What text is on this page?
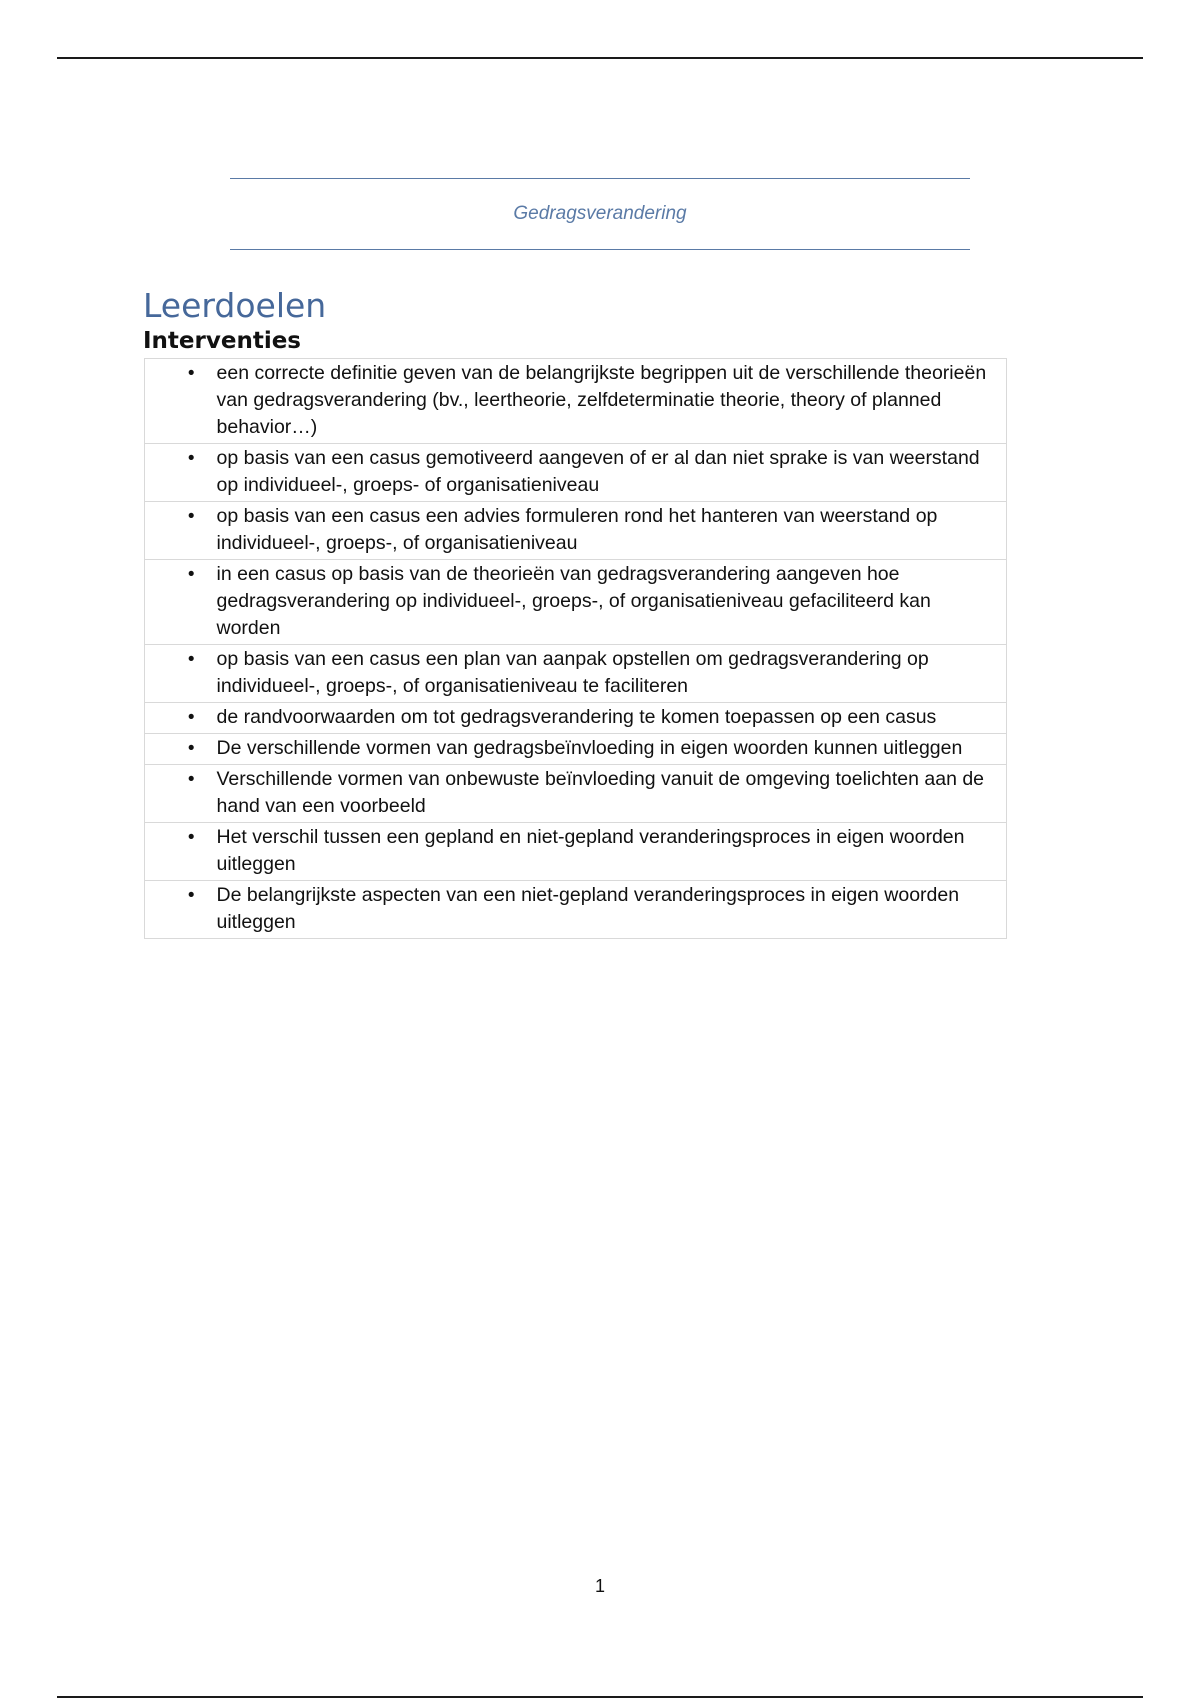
Gedragsverandering
Leerdoelen
Interventies
•	een correcte definitie geven van de belangrijkste begrippen uit de verschillende theorieën van gedragsverandering (bv., leertheorie, zelfdeterminatie theorie, theory of planned behavior…)
•	op basis van een casus gemotiveerd aangeven of er al dan niet sprake is van weerstand op individueel-, groeps- of organisatieniveau
•	op basis van een casus een advies formuleren rond het hanteren van weerstand op individueel-, groeps-, of organisatieniveau
•	in een casus op basis van de theorieën van gedragsverandering aangeven hoe gedragsverandering op individueel-, groeps-, of organisatieniveau gefaciliteerd kan worden
•	op basis van een casus een plan van aanpak opstellen om gedragsverandering op individueel-, groeps-, of organisatieniveau te faciliteren
•	de randvoorwaarden om tot gedragsverandering te komen toepassen op een casus
•	De verschillende vormen van gedragsbeïnvloeding in eigen woorden kunnen uitleggen
•	Verschillende vormen van onbewuste beïnvloeding vanuit de omgeving toelichten aan de hand van een voorbeeld
•	Het verschil tussen een gepland en niet-gepland veranderingsproces in eigen woorden uitleggen
•	De belangrijkste aspecten van een niet-gepland veranderingsproces in eigen woorden uitleggen
1
